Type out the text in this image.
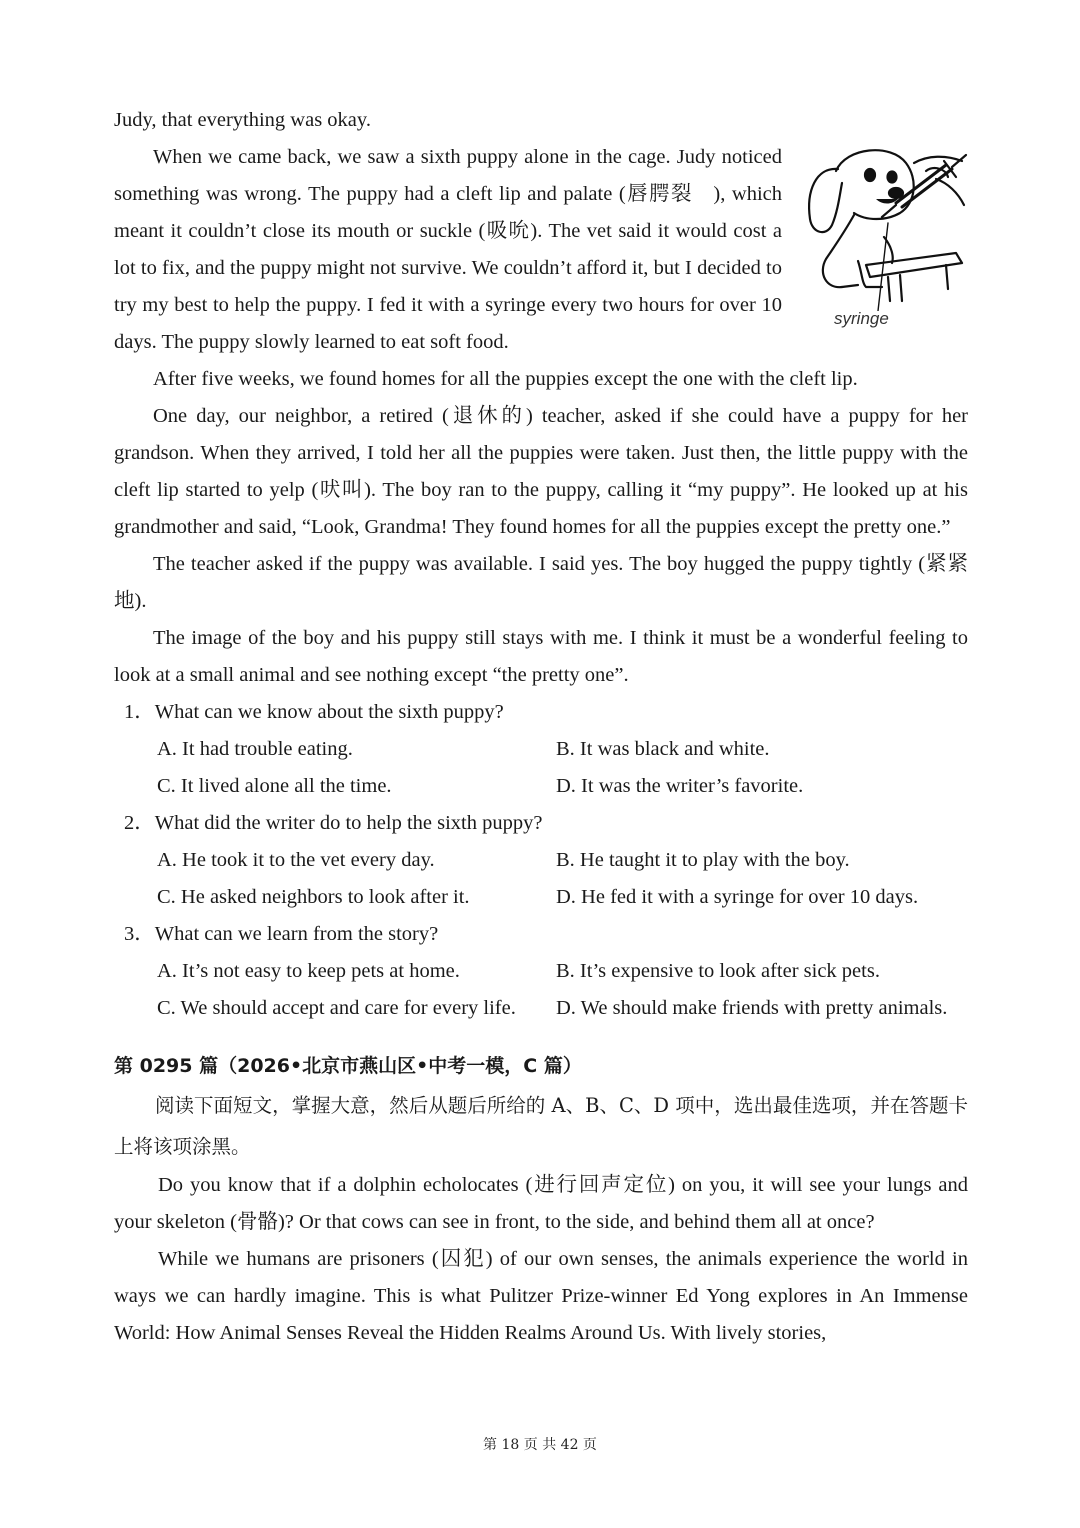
Judy, that everything was okay.

syringe

When we came back, we saw a sixth puppy alone in the cage. Judy noticed something was wrong. The puppy had a cleft lip and palate (唇腭裂 ), which meant it couldn’t close its mouth or suckle (吸吮). The vet said it would cost a lot to fix, and the puppy might not survive. We couldn’t afford it, but I decided to try my best to help the puppy. I fed it with a syringe every two hours for over 10 days. The puppy slowly learned to eat soft food.

After five weeks, we found homes for all the puppies except the one with the cleft lip.

One day, our neighbor, a retired (退休的) teacher, asked if she could have a puppy for her grandson. When they arrived, I told her all the puppies were taken. Just then, the little puppy with the cleft lip started to yelp (吠叫). The boy ran to the puppy, calling it “my puppy”. He looked up at his grandmother and said, “Look, Grandma! They found homes for all the puppies except the pretty one.”

The teacher asked if the puppy was available. I said yes. The boy hugged the puppy tightly (紧紧地).

The image of the boy and his puppy still stays with me. I think it must be a wonderful feeling to look at a small animal and see nothing except “the pretty one”.

1．What can we know about the sixth puppy?

A. It had trouble eating.	B. It was black and white.
C. It lived alone all the time.	D. It was the writer’s favorite.

2．What did the writer do to help the sixth puppy?

A. He took it to the vet every day.	B. He taught it to play with the boy.
C. He asked neighbors to look after it.	D. He fed it with a syringe for over 10 days.

3．What can we learn from the story?

A. It’s not easy to keep pets at home.	B. It’s expensive to look after sick pets.
C. We should accept and care for every life.	D. We should make friends with pretty animals.
第 0295 篇（2026•北京市燕山区•中考一模，C 篇）

阅读下面短文，掌握大意，然后从题后所给的 A、B、C、D 项中，选出最佳选项，并在答题卡上将该项涂黑。

Do you know that if a dolphin echolocates (进行回声定位) on you, it will see your lungs and your skeleton (骨骼)? Or that cows can see in front, to the side, and behind them all at once?

While we humans are prisoners (囚犯) of our own senses, the animals experience the world in ways we can hardly imagine. This is what Pulitzer Prize-winner Ed Yong explores in An Immense World: How Animal Senses Reveal the Hidden Realms Around Us. With lively stories,

第 18 页 共 42 页
